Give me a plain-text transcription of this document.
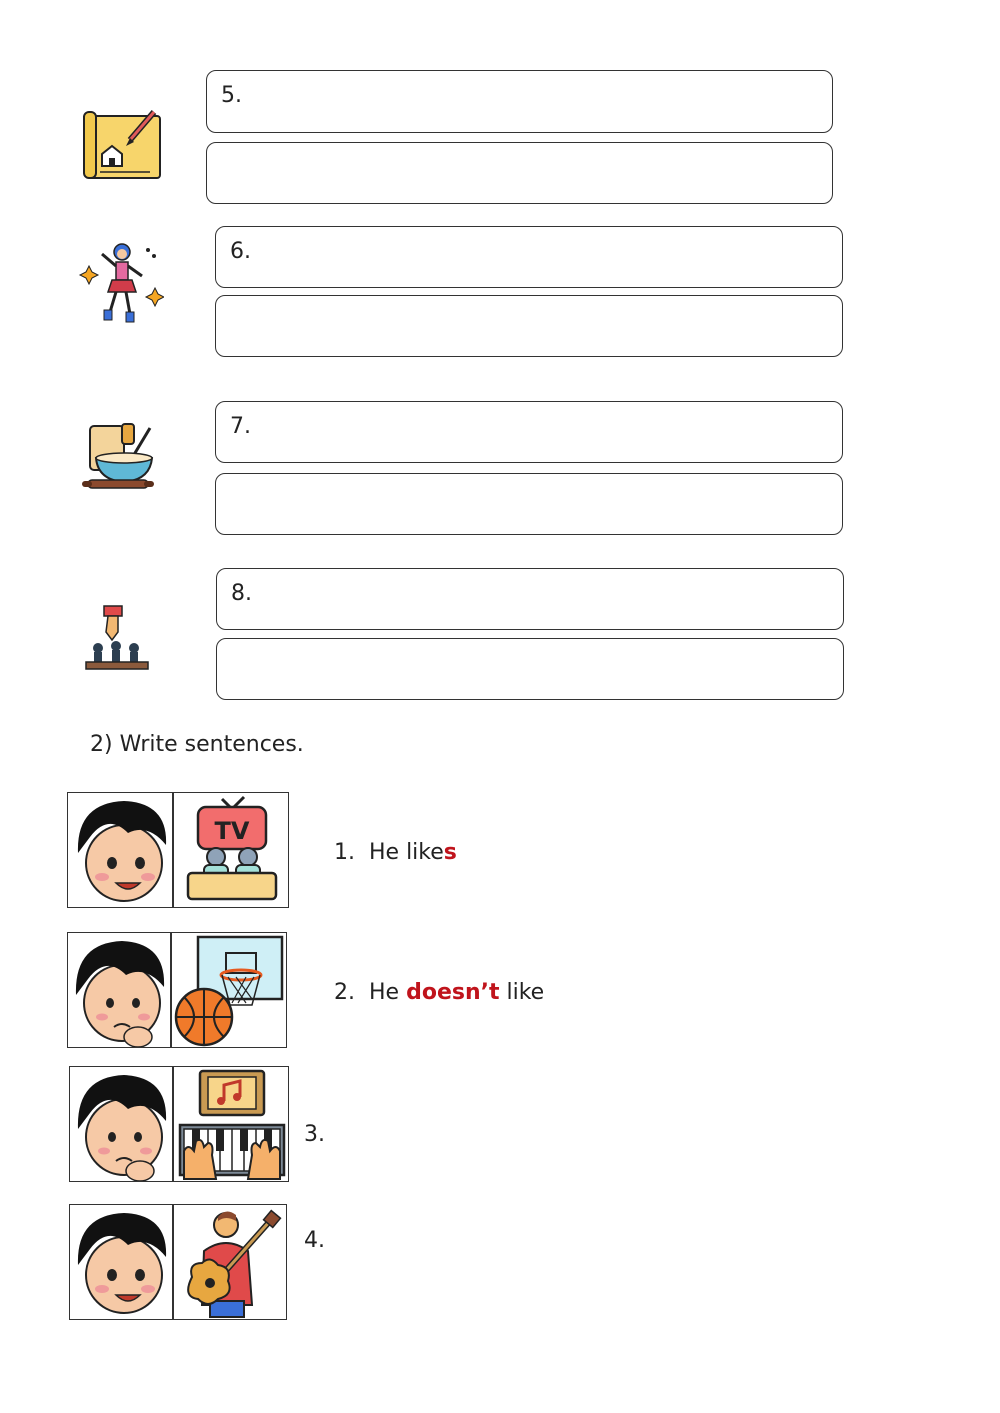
5.
6.
7.
8.
2) Write sentences.
TV
1. He likes
2. He doesn’t like
3.
4.
